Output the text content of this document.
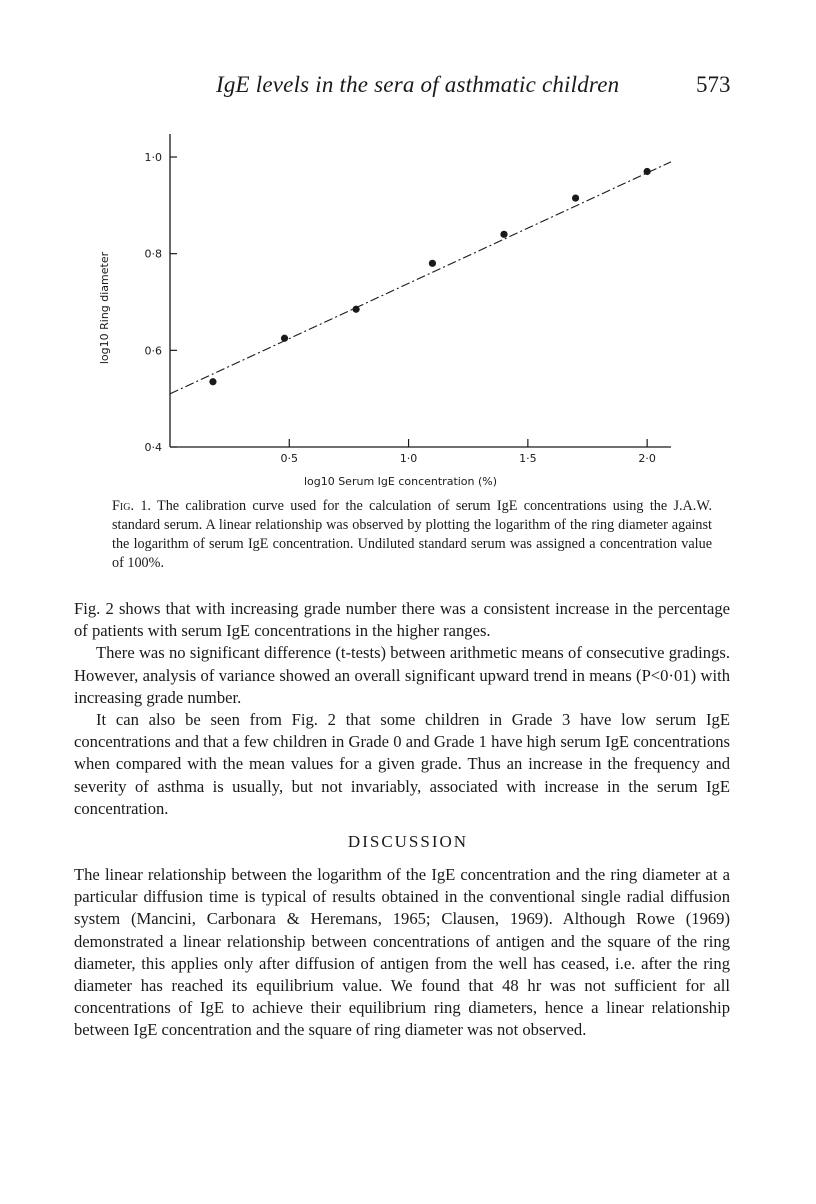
IgE levels in the sera of asthmatic children	573
0·4
0·6
0·8
1·0
0·5	1·0	1·5	2·0
log10 Serum IgE concentration (%)
log10 Ring diameter
Fig. 1. The calibration curve used for the calculation of serum IgE concentrations using the J.A.W. standard serum. A linear relationship was observed by plotting the logarithm of the ring diameter against the logarithm of serum IgE concentration. Undiluted standard serum was assigned a concentration value of 100%.

Fig. 2 shows that with increasing grade number there was a consistent increase in the percentage of patients with serum IgE concentrations in the higher ranges.

There was no significant difference (t-tests) between arithmetic means of consecutive gradings. However, analysis of variance showed an overall significant upward trend in means (P<0·01) with increasing grade number.

It can also be seen from Fig. 2 that some children in Grade 3 have low serum IgE concentrations and that a few children in Grade 0 and Grade 1 have high serum IgE concentrations when compared with the mean values for a given grade. Thus an increase in the frequency and severity of asthma is usually, but not invariably, associated with increase in the serum IgE concentration.

DISCUSSION

The linear relationship between the logarithm of the IgE concentration and the ring diameter at a particular diffusion time is typical of results obtained in the conventional single radial diffusion system (Mancini, Carbonara & Heremans, 1965; Clausen, 1969). Although Rowe (1969) demonstrated a linear relationship between concentrations of antigen and the square of the ring diameter, this applies only after diffusion of antigen from the well has ceased, i.e. after the ring diameter has reached its equilibrium value. We found that 48 hr was not sufficient for all concentrations of IgE to achieve their equilibrium ring diameters, hence a linear relationship between IgE concentration and the square of ring diameter was not observed.
